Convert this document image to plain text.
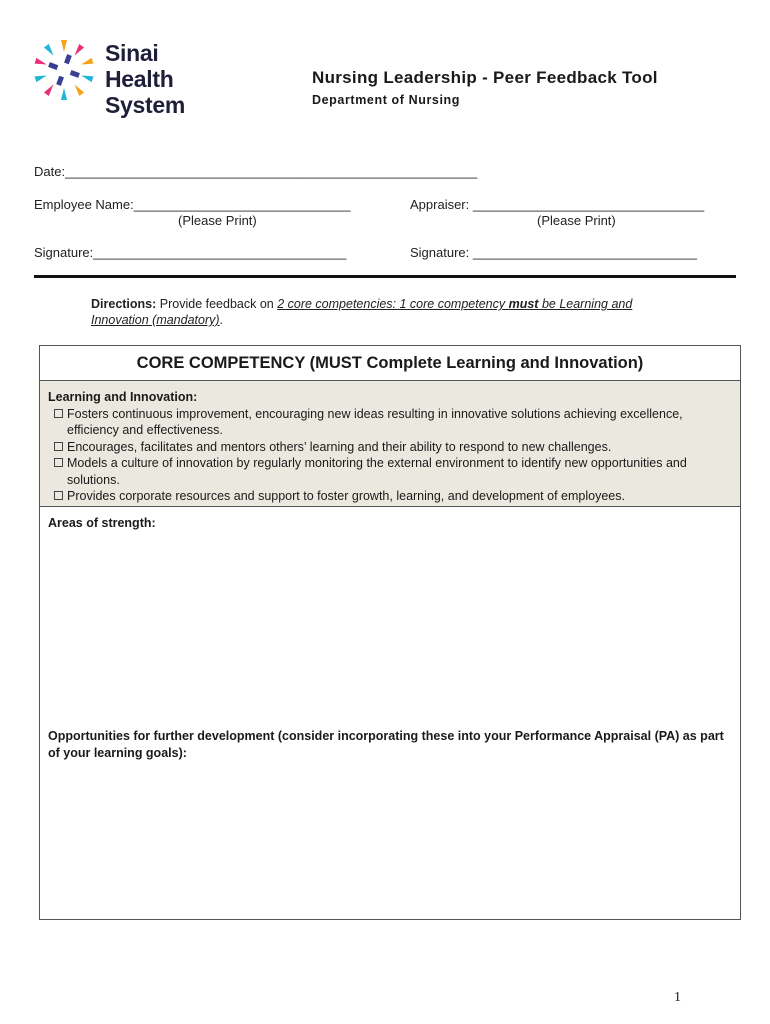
Sinai
Health
System
Nursing Leadership - Peer Feedback Tool
Department of Nursing
Date:_________________________________________________________
Employee Name:______________________________
(Please Print)
Appraiser: ________________________________
(Please Print)
Signature:___________________________________	Signature: _______________________________
Directions: Provide feedback on 2 core competencies: 1 core competency must be Learning and Innovation (mandatory).
CORE COMPETENCY (MUST Complete Learning and Innovation)
Learning and Innovation:
Fosters continuous improvement, encouraging new ideas resulting in innovative solutions achieving excellence, efficiency and effectiveness.
Encourages, facilitates and mentors others’ learning and their ability to respond to new challenges.
Models a culture of innovation by regularly monitoring the external environment to identify new opportunities and solutions.
Provides corporate resources and support to foster growth, learning, and development of employees.
Areas of strength:
Opportunities for further development (consider incorporating these into your Performance Appraisal (PA) as part of your learning goals):
1
